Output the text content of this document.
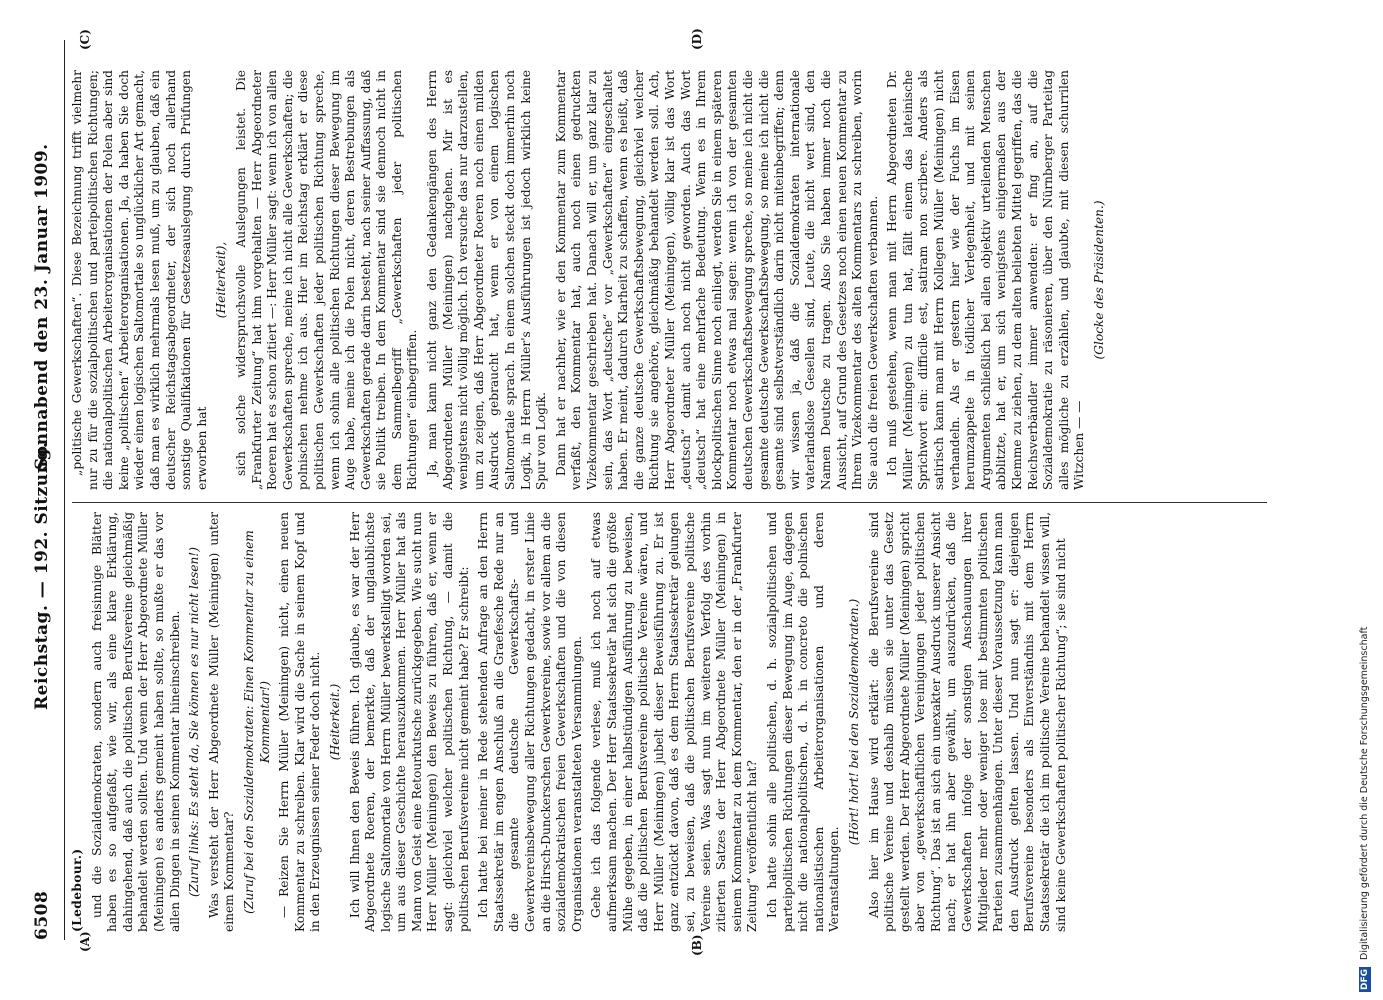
6508
Reichstag. — 192. Sitzung.
Sonnabend den 23. Januar 1909.
(A)	(B)
(C)	(D)

(Ledebour.) und die Sozialdemokraten, sondern auch freisinnige Blätter haben es so aufgefaßt, wie wir, als eine klare Erklärung, dahingehend, daß auch die politischen Berufsvereine gleichmäßig behandelt werden sollten. Und wenn der Herr Abgeordnete Müller (Meiningen) es anders gemeint haben sollte, so mußte er das vor allen Dingen in seinen Kommentar hineinschreiben. (Zuruf links: Es steht da, Sie können es nur nicht lesen!) Was versteht der Herr Abgeordnete Müller (Meiningen) unter einem Kommentar? (Zuruf bei den Sozialdemokraten: Einen Kommentar zu einem Kommentar!) — Reizen Sie Herrn Müller (Meiningen) nicht, einen neuen Kommentar zu schreiben. Klar wird die Sache in seinem Kopf und in den Erzeugnissen seiner Feder doch nicht. (Heiterkeit.) Ich will Ihnen den Beweis führen. Ich glaube, es war der Herr Abgeordnete Roeren, der bemerkte, daß der unglaublichste logische Saltomortale von Herrn Müller bewerkstelligt worden sei, um aus dieser Geschichte herauszukommen. Herr Müller hat als Mann von Geist eine Retourkutsche zurückgegeben. Wie sucht nun Herr Müller (Meiningen) den Beweis zu führen, daß er, wenn er sagt: gleichviel welcher politischen Richtung, — damit die politischen Berufsvereine nicht gemeint habe? Er schreibt: Ich hatte bei meiner in Rede stehenden Anfrage an den Herrn Staatssekretär im engen Anschluß an die Graefesche Rede nur an die gesamte deutsche Gewerkschafts- und Gewerkvereinsbewegung aller Richtungen gedacht, in erster Linie an die Hirsch-Dunckerschen Gewerkvereine, sowie vor allem an die sozialdemokratischen freien Gewerkschaften und die von diesen Organisationen veranstalteten Versammlungen. Gehe ich das folgende verlese, muß ich noch auf etwas aufmerksam machen. Der Herr Staatssekretär hat sich die größte Mühe gegeben, in einer halbstündigen Ausführung zu beweisen, daß die politischen Berufsvereine politische Vereine wären, und Herr Müller (Meiningen) jubelt dieser Beweisführung zu. Er ist ganz entzückt davon, daß es dem Herrn Staatssekretär gelungen sei, zu beweisen, daß die politischen Berufsvereine politische Vereine seien. Was sagt nun im weiteren Verfolg des vorhin zitierten Satzes der Herr Abgeordnete Müller (Meiningen) in seinem Kommentar zu dem Kommentar, den er in der „Frankfurter Zeitung“ veröffentlicht hat? Ich hatte sohin alle politischen, d. h. sozialpolitischen und parteipolitischen Richtungen dieser Bewegung im Auge, dagegen nicht die nationalpolitischen, d. h. in concreto die polnischen nationalistischen Arbeiterorganisationen und deren Veranstaltungen.

(Hört! hört! bei den Sozialdemokraten.) Also hier im Hause wird erklärt: die Berufsvereine sind politische Vereine und deshalb müssen sie unter das Gesetz gestellt werden. Der Herr Abgeordnete Müller (Meiningen) spricht aber von „gewerkschaftlichen Vereinigungen jeder politischen Richtung“. Das ist an sich ein unexakter Ausdruck unserer Ansicht nach; er hat ihn aber gewählt, um auszudrücken, daß die Gewerkschaften infolge der sonstigen Anschauungen ihrer Mitglieder mehr oder weniger lose mit bestimmten politischen Parteien zusammenhängen. Unter dieser Voraussetzung kann man den Ausdruck gelten lassen. Und nun sagt er: diejenigen Berufsvereine besonders als Einverständnis mit dem Herrn Staatssekretär die ich im politische Vereine behandelt wissen will, sind keine Gewerkschaften politischer Richtung“; sie sind nicht

„politische Gewerkschaften“. Diese Bezeichnung trifft vielmehr nur zu für die sozialpolitischen und parteipolitischen Richtungen; die nationalpolitischen Arbeiterorganisationen der Polen aber sind keine „politischen“ Arbeiterorganisationen. Ja, da haben Sie doch wieder einen logischen Saltomortale so unglücklicher Art gemacht, daß man es wirklich mehrmals lesen muß, um zu glauben, daß ein deutscher Reichstagsabgeordneter, der sich noch allerhand sonstige Qualifikationen für Gesetzesauslegung durch Prüfungen erworben hat

(Heiterkeit), sich solche widerspruchsvolle Auslegungen leistet. Die „Frankfurter Zeitung“ hat ihm vorgehalten — Herr Abgeordneter Roeren hat es schon zitiert —: Herr Müller sagt: wenn ich von allen Gewerkschaften spreche, meine ich nicht alle Gewerkschaften; die polnischen nehme ich aus. Hier im Reichstag erklärt er diese politischen Gewerkschaften jeder politischen Richtung spreche, wenn ich sohin alle politischen Richtungen dieser Bewegung im Auge habe, meine ich die Polen nicht, deren Bestrebungen als Gewerkschaften gerade darin besteht, nach seiner Auffassung, daß sie Politik treiben. In dem Kommentar sind sie dennoch nicht in dem Sammelbegriff „Gewerkschaften jeder politischen Richtungen“ einbegriffen. Ja, man kann nicht ganz den Gedankengängen des Herrn Abgeordneten Müller (Meiningen) nachgehen. Mir ist es wenigstens nicht völlig möglich. Ich versuche das nur darzustellen, um zu zeigen, daß Herr Abgeordneter Roeren noch einen milden Ausdruck gebraucht hat, wenn er von einem logischen Saltomortale sprach. In einem solchen steckt doch immerhin noch Logik, in Herrn Müller's Ausführungen ist jedoch wirklich keine Spur von Logik. Dann hat er nachher, wie er den Kommentar zum Kommentar verfaßt, den Kommentar hat, auch noch einen gedruckten Vizekommentar geschrieben hat. Danach will er, um ganz klar zu sein, das Wort „deutsche“ vor „Gewerkschaften“ eingeschaltet haben. Er meint, dadurch Klarheit zu schaffen, wenn es heißt, daß die ganze deutsche Gewerkschaftsbewegung, gleichviel welcher Richtung sie angehöre, gleichmäßig behandelt werden soll. Ach, Herr Abgeordneter Müller (Meiningen), völlig klar ist das Wort „deutsch“ damit auch noch nicht geworden. Auch das Wort „deutsch“ hat eine mehrfache Bedeutung. Wenn es in Ihrem blockpolitischen Sinne noch einliegt, werden Sie in einem späteren Kommentar noch etwas mal sagen: wenn ich von der gesamten deutschen Gewerkschaftsbewegung spreche, so meine ich nicht die gesamte deutsche Gewerkschaftsbewegung, so meine ich nicht die gesamte sind selbstverständlich darin nicht miteinbegriffen; denn wir wissen ja, daß die Sozialdemokraten internationale vaterlandslose Gesellen sind, Leute, die nicht wert sind, den Namen Deutsche zu tragen. Also Sie haben immer noch die Aussicht, auf Grund des Gesetzes noch einen neuen Kommentar zu Ihrem Vizekommentar des alten Kommentars zu schreiben, worin Sie auch die freien Gewerkschaften verbannen. Ich muß gestehen, wenn man mit Herrn Abgeordneten Dr. Müller (Meiningen) zu tun hat, fällt einem das lateinische Sprichwort ein: difficile est, satiram non scribere. Anders als satirisch kann man mit Herrn Kollegen Müller (Meiningen) nicht verhandeln. Als er gestern hier wie der Fuchs im Eisen herumzappelte in tödlicher Verlegenheit, und mit seinen Argumenten schließlich bei allen objektiv urteilenden Menschen abblitzte, hat er, um sich wenigstens einigermaßen aus der Klemme zu ziehen, zu dem alten beliebten Mittel gegriffen, das die Reichsverbändler immer anwenden: er fing an, auf die Sozialdemokratie zu räsonieren, über den Nürnberger Parteitag alles mögliche zu erzählen, und glaubte, mit diesen schurrilen Witzchen — —

(Glocke des Präsidenten.)

DFG Digitalisierung gefördert durch die Deutsche Forschungsgemeinschaft
